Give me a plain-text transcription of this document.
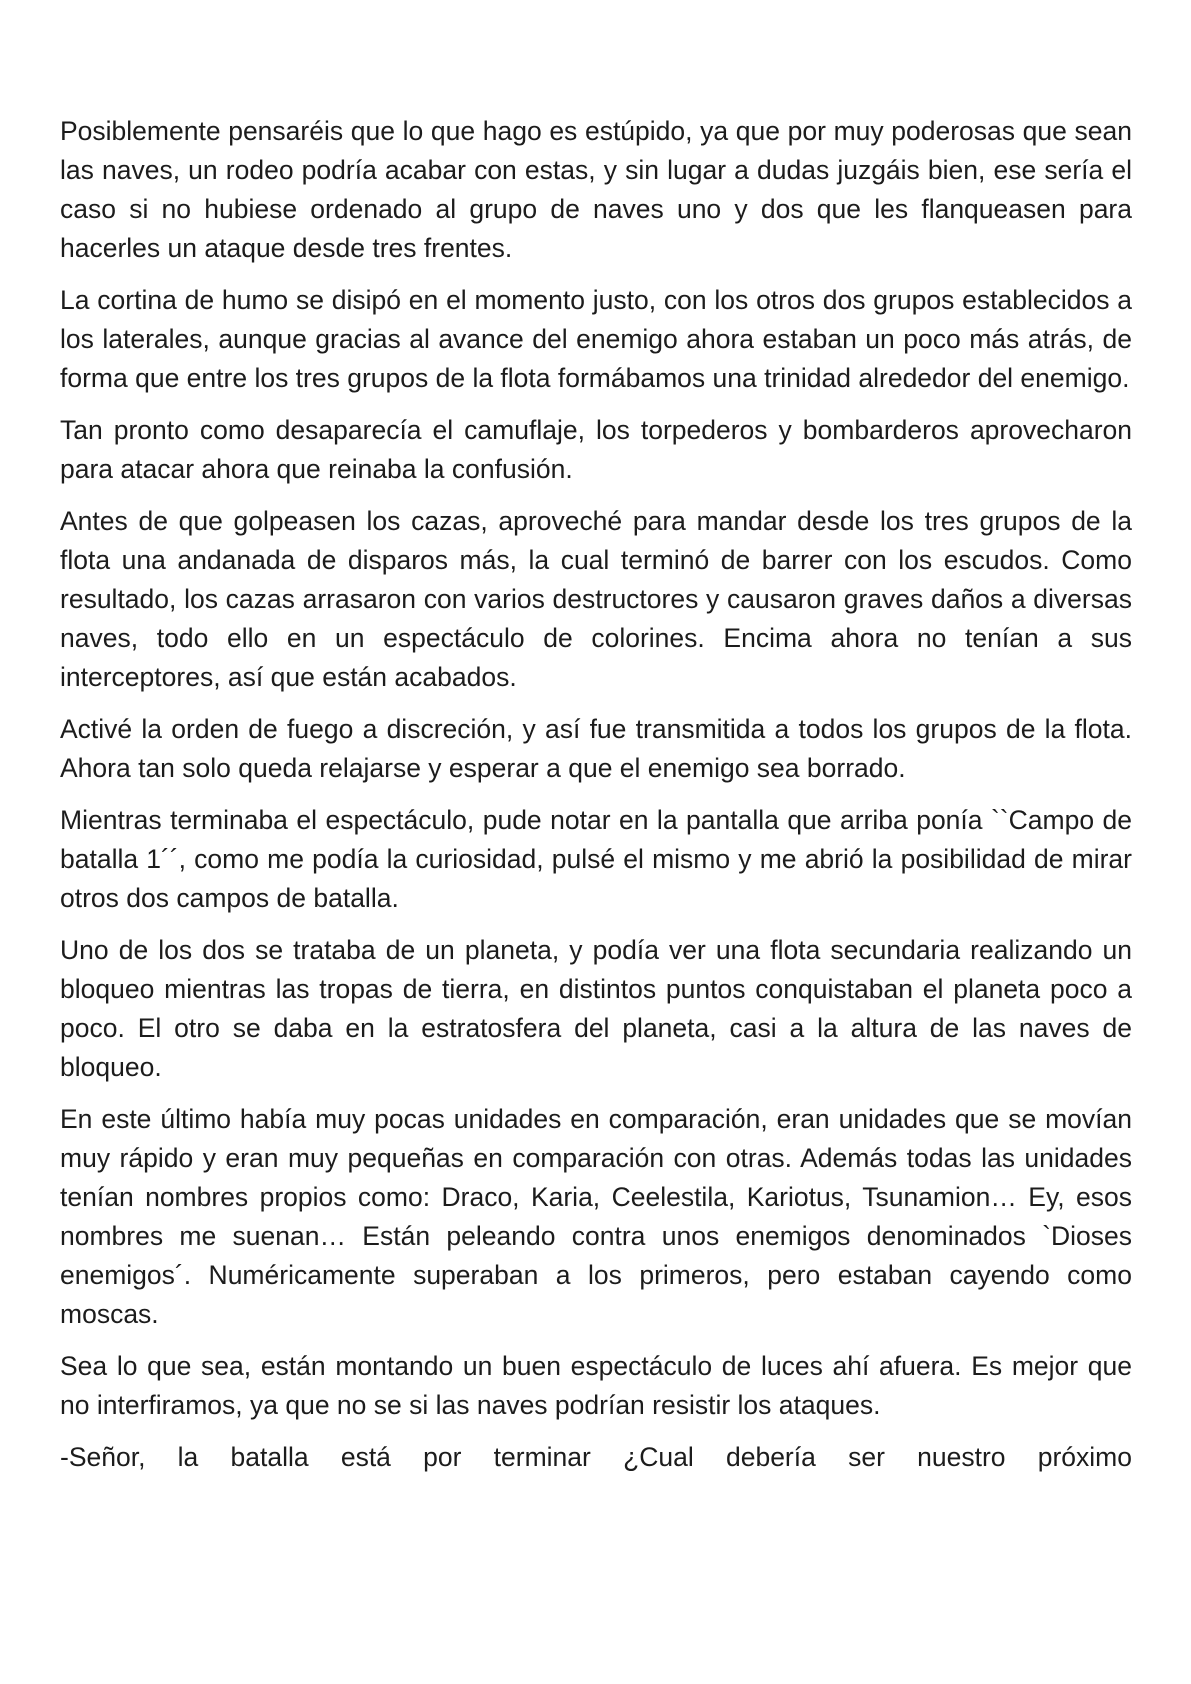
Posiblemente pensaréis que lo que hago es estúpido, ya que por muy poderosas que sean las naves, un rodeo podría acabar con estas, y sin lugar a dudas juzgáis bien, ese sería el caso si no hubiese ordenado al grupo de naves uno y dos que les flanqueasen para hacerles un ataque desde tres frentes.

La cortina de humo se disipó en el momento justo, con los otros dos grupos establecidos a los laterales, aunque gracias al avance del enemigo ahora estaban un poco más atrás, de forma que entre los tres grupos de la flota formábamos una trinidad alrededor del enemigo.

Tan pronto como desaparecía el camuflaje, los torpederos y bombarderos aprovecharon para atacar ahora que reinaba la confusión.

Antes de que golpeasen los cazas, aproveché para mandar desde los tres grupos de la flota una andanada de disparos más, la cual terminó de barrer con los escudos. Como resultado, los cazas arrasaron con varios destructores y causaron graves daños a diversas naves, todo ello en un espectáculo de colorines. Encima ahora no tenían a sus interceptores, así que están acabados.

Activé la orden de fuego a discreción, y así fue transmitida a todos los grupos de la flota. Ahora tan solo queda relajarse y esperar a que el enemigo sea borrado.

Mientras terminaba el espectáculo, pude notar en la pantalla que arriba ponía ``Campo de batalla 1´´, como me podía la curiosidad, pulsé el mismo y me abrió la posibilidad de mirar otros dos campos de batalla.

Uno de los dos se trataba de un planeta, y podía ver una flota secundaria realizando un bloqueo mientras las tropas de tierra, en distintos puntos conquistaban el planeta poco a poco. El otro se daba en la estratosfera del planeta, casi a la altura de las naves de bloqueo.

En este último había muy pocas unidades en comparación, eran unidades que se movían muy rápido y eran muy pequeñas en comparación con otras. Además todas las unidades tenían nombres propios como: Draco, Karia, Ceelestila, Kariotus, Tsunamion… Ey, esos nombres me suenan… Están peleando contra unos enemigos denominados `Dioses enemigos´. Numéricamente superaban a los primeros, pero estaban cayendo como moscas.

Sea lo que sea, están montando un buen espectáculo de luces ahí afuera. Es mejor que no interfiramos, ya que no se si las naves podrían resistir los ataques.

-Señor, la batalla está por terminar ¿Cual debería ser nuestro próximo
